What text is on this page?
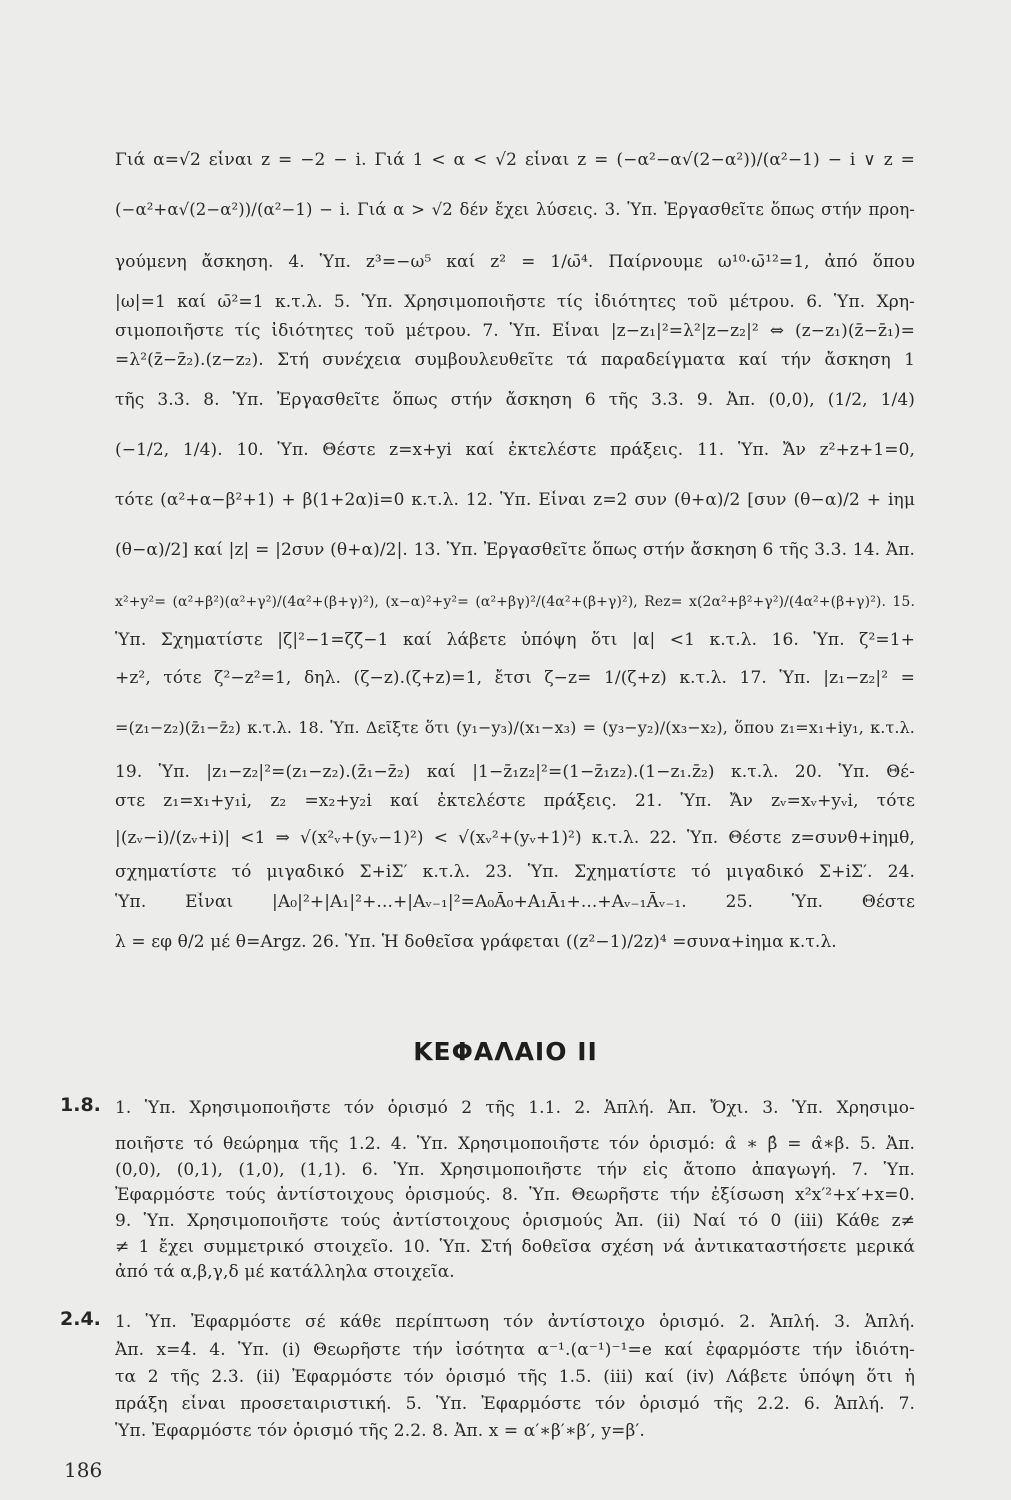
Γιά α=√2 εἶναι z = −2 − i. Γιά 1 < α < √2 εἶναι z = (−α²−α√(2−α²))/(α²−1) − i ∨ z =
(−α²+α√(2−α²))/(α²−1) − i. Γιά α > √2 δέν ἔχει λύσεις. 3. Ὑπ. Ἐργασθεῖτε ὅπως στήν προη-
γούμενη ἄσκηση. 4. Ὑπ. z³=−ω⁵ καί z² = 1/ω̄⁴. Παίρνουμε ω¹⁰·ω̄¹²=1, ἀπό ὅπου
|ω|=1 καί ω̄²=1 κ.τ.λ. 5. Ὑπ. Χρησιμοποιῆστε τίς ἰδιότητες τοῦ μέτρου. 6. Ὑπ. Χρη-
σιμοποιῆστε τίς ἰδιότητες τοῦ μέτρου. 7. Ὑπ. Εἶναι |z−z₁|²=λ²|z−z₂|² ⇔ (z−z₁)(z̄−z̄₁)=
=λ²(z̄−z̄₂).(z−z₂). Στή συνέχεια συμβουλευθεῖτε τά παραδείγματα καί τήν ἄσκηση 1
τῆς 3.3. 8. Ὑπ. Ἐργασθεῖτε ὅπως στήν ἄσκηση 6 τῆς 3.3. 9. Ἀπ. (0,0), (1/2, 1/4)
(−1/2, 1/4). 10. Ὑπ. Θέστε z=x+yi καί ἐκτελέστε πράξεις. 11. Ὑπ. Ἄν z²+z+1=0,
τότε (α²+α−β²+1) + β(1+2α)i=0 κ.τ.λ. 12. Ὑπ. Εἶναι z=2 συν (θ+α)/2 [συν (θ−α)/2 + iημ
(θ−α)/2] καί |z| = |2συν (θ+α)/2|. 13. Ὑπ. Ἐργασθεῖτε ὅπως στήν ἄσκηση 6 τῆς 3.3. 14. Ἀπ.
x²+y²= (α²+β²)(α²+γ²)/(4α²+(β+γ)²), (x−α)²+y²= (α²+βγ)²/(4α²+(β+γ)²), Rez= x(2α²+β²+γ²)/(4α²+(β+γ)²). 15.
Ὑπ. Σχηματίστε |ζ|²−1=ζζ̄−1 καί λάβετε ὑπόψη ὅτι |α| <1 κ.τ.λ. 16. Ὑπ. ζ²=1+
+z², τότε ζ²−z²=1, δηλ. (ζ−z).(ζ+z)=1, ἔτσι ζ−z= 1/(ζ+z) κ.τ.λ. 17. Ὑπ. |z₁−z₂|² =
=(z₁−z₂)(z̄₁−z̄₂) κ.τ.λ. 18. Ὑπ. Δεῖξτε ὅτι (y₁−y₃)/(x₁−x₃) = (y₃−y₂)/(x₃−x₂), ὅπου z₁=x₁+iy₁, κ.τ.λ.
19. Ὑπ. |z₁−z₂|²=(z₁−z₂).(z̄₁−z̄₂) καί |1−z̄₁z₂|²=(1−z̄₁z₂).(1−z₁.z̄₂) κ.τ.λ. 20. Ὑπ. Θέ-
στε z₁=x₁+y₁i, z₂ =x₂+y₂i καί ἐκτελέστε πράξεις. 21. Ὑπ. Ἄν zᵥ=xᵥ+yᵥi, τότε
|(zᵥ−i)/(zᵥ+i)| <1 ⇒ √(x²ᵥ+(yᵥ−1)²) < √(xᵥ²+(yᵥ+1)²) κ.τ.λ. 22. Ὑπ. Θέστε z=συνθ+iημθ,
σχηματίστε τό μιγαδικό Σ+iΣ′ κ.τ.λ. 23. Ὑπ. Σχηματίστε τό μιγαδικό Σ+iΣ′. 24.
Ὑπ. Εἶναι |A₀|²+|A₁|²+...+|Aᵥ₋₁|²=A₀Ā₀+A₁Ā₁+...+Aᵥ₋₁Āᵥ₋₁. 25. Ὑπ. Θέστε
λ = εφ θ/2 μέ θ=Argz. 26. Ὑπ. Ἡ δοθεῖσα γράφεται ((z²−1)/2z)⁴ =συνα+iημα κ.τ.λ.
ΚΕΦΑΛΑΙΟ ΙΙ
1.8. 1. Ὑπ. Χρησιμοποιῆστε τόν ὁρισμό 2 τῆς 1.1. 2. Ἁπλή. Ἀπ. Ὄχι. 3. Ὑπ. Χρησιμο-
ποιῆστε τό θεώρημα τῆς 1.2. 4. Ὑπ. Χρησιμοποιῆστε τόν ὁρισμό: α̂ ∗ β̂ = α̂∗β. 5. Ἀπ.
(0,0), (0,1), (1,0), (1,1). 6. Ὑπ. Χρησιμοποιῆστε τήν εἰς ἄτοπο ἀπαγωγή. 7. Ὑπ.
Ἐφαρμόστε τούς ἀντίστοιχους ὁρισμούς. 8. Ὑπ. Θεωρῆστε τήν ἐξίσωση x²x′²+x′+x=0.
9. Ὑπ. Χρησιμοποιῆστε τούς ἀντίστοιχους ὁρισμούς Ἀπ. (ii) Ναί τό 0 (iii) Κάθε z≠
≠ 1 ἔχει συμμετρικό στοιχεῖο. 10. Ὑπ. Στή δοθεῖσα σχέση νά ἀντικαταστήσετε μερικά
ἀπό τά α,β,γ,δ μέ κατάλληλα στοιχεῖα.
2.4. 1. Ὑπ. Ἐφαρμόστε σέ κάθε περίπτωση τόν ἀντίστοιχο ὁρισμό. 2. Ἁπλή. 3. Ἁπλή.
Ἀπ. x=4̂. 4. Ὑπ. (i) Θεωρῆστε τήν ἰσότητα α⁻¹.(α⁻¹)⁻¹=e καί ἐφαρμόστε τήν ἰδιότη-
τα 2 τῆς 2.3. (ii) Ἐφαρμόστε τόν ὁρισμό τῆς 1.5. (iii) καί (iv) Λάβετε ὑπόψη ὅτι ἡ
πράξη εἶναι προσεταιριστική. 5. Ὑπ. Ἐφαρμόστε τόν ὁρισμό τῆς 2.2. 6. Ἁπλή. 7.
Ὑπ. Ἐφαρμόστε τόν ὁρισμό τῆς 2.2. 8. Ἀπ. x = α′∗β′∗β′, y=β′.
186
